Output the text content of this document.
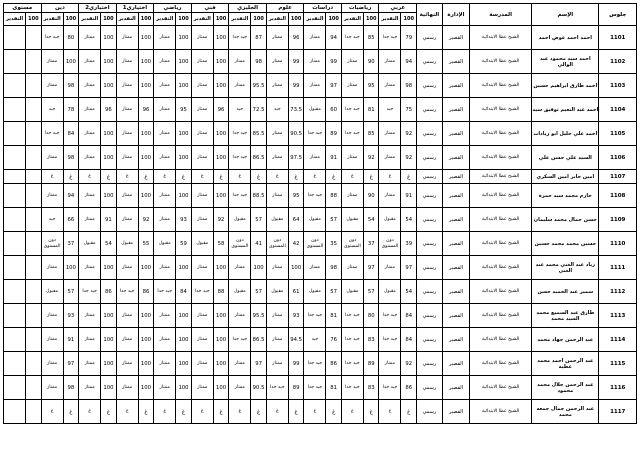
جلوس	الإسم	المدرسة	الإدارة	النهائية	عربي		رياضيات		دراسات		علوم		الجليزي		فني		رياضي		اختياري1		اختياري2		دين		مستوى	
					100	التقدير	100	التقدير	100	التقدير	100	التقدير	100	التقدير	100	التقدير	100	التقدير	100	التقدير	100	التقدير	100	التقدير	100	التقدير
1101	احمد احمد عوض احمد	الشيخ عطا الابتدائية	القصير	رسمي	79	جيد جدا	85	جيد جدا	94	ممتاز	96	ممتاز	87	جيد جدا	100	ممتاز	100	ممتاز	100	ممتاز	100	ممتاز	80	جيد جدا		
1102	احمد سيد محمود عبد الوالي	الشيخ عطا الابتدائية	القصير	رسمي	94	ممتاز	90	ممتاز	99	ممتاز	99	ممتاز	98	ممتاز	100	ممتاز	100	ممتاز	100	ممتاز	100	ممتاز	100	ممتاز		
1103	احمد طارق ابراهيم حسين	الشيخ عطا الابتدائية	القصير	رسمي	98	ممتاز	95	ممتاز	97	ممتاز	99	ممتاز	95.5	ممتاز	100	ممتاز	100	ممتاز	100	ممتاز	100	ممتاز	98	ممتاز		
1104	احمد عبد النعيم توفيق سيد	الشيخ عطا الابتدائية	القصير	رسمي	75	جيد	81	جيد جدا	60	مقبول	73.5	جيد	72.5	جيد	96	ممتاز	95	ممتاز	96	ممتاز	96	ممتاز	78	جيد		
1105	احمد علي خليل ابو زيادات	الشيخ عطا الابتدائية	القصير	رسمي	92	ممتاز	85	جيد جدا	89	جيد جدا	90.5	ممتاز	85.5	جيد جدا	100	ممتاز	100	ممتاز	100	ممتاز	100	ممتاز	84	جيد جدا		
1106	السيد علي حسن علي	الشيخ عطا الابتدائية	القصير	رسمي	92	ممتاز	92	ممتاز	91	ممتاز	97.5	ممتاز	86.5	جيد جدا	100	ممتاز	100	ممتاز	100	ممتاز	100	ممتاز	98	ممتاز		
1107	امين جابر امين السكري	الشيخ عطا الابتدائية	القصير	رسمي	غ	غ	غ	غ	غ	غ	غ	غ	غ	غ	غ	غ	غ	غ	غ	غ	غ	غ	غ	غ		
1108	حازم محمد سيد حمزة	الشيخ عطا الابتدائية	القصير	رسمي	91	ممتاز	90	ممتاز	88	جيد جدا	95	ممتاز	88.5	جيد جدا	100	ممتاز	100	ممتاز	100	ممتاز	100	ممتاز	94	ممتاز		
1109	حسن جمال محمد سليمان	الشيخ عطا الابتدائية	القصير	رسمي	54	مقبول	54	مقبول	57	مقبول	64	مقبول	57	مقبول	92	ممتاز	93	ممتاز	92	ممتاز	91	ممتاز	66	جيد		
1110	حسين محمد محمد حسين	الشيخ عطا الابتدائية	القصير	رسمي	39	دون المستوى	37	دون المستوى	35	دون المستوى	42	دون المستوى	41	دون المستوى	58	مقبول	59	مقبول	55	مقبول	54	مقبول	37	دون المستوى		
1111	زياد عبد الغني محمد عبد الغني	الشيخ عطا الابتدائية	القصير	رسمي	97	ممتاز	97	ممتاز	98	ممتاز	100	ممتاز	100	ممتاز	100	ممتاز	100	ممتاز	100	ممتاز	100	ممتاز	100	ممتاز		
1112	سمير عبد الحميد حسن	الشيخ عطا الابتدائية	القصير	رسمي	54	مقبول	57	مقبول	57	مقبول	61	مقبول	57	مقبول	88	جيد جدا	84	جيد جدا	86	جيد جدا	86	جيد جدا	57	مقبول		
1113	طارق عبد السميع محمد السيد محمد	الشيخ عطا الابتدائية	القصير	رسمي	84	جيد جدا	80	جيد جدا	81	جيد جدا	93	ممتاز	95.5	ممتاز	100	ممتاز	100	ممتاز	100	ممتاز	100	ممتاز	93	ممتاز		
1114	عبد الرحمن جهاد محمد	الشيخ عطا الابتدائية	القصير	رسمي	84	جيد جدا	83	جيد جدا	76	جيد	94.5	ممتاز	86.5	جيد جدا	100	ممتاز	100	ممتاز	100	ممتاز	100	ممتاز	91	ممتاز		
1115	عبد الرحمن احمد محمد عطية	الشيخ عطا الابتدائية	القصير	رسمي	92	ممتاز	89	جيد جدا	86	جيد جدا	99	ممتاز	97	ممتاز	100	ممتاز	100	ممتاز	100	ممتاز	100	ممتاز	97	ممتاز		
1116	عبد الرحمن جلال محمد محمود	الشيخ عطا الابتدائية	القصير	رسمي	86	جيد جدا	83	جيد جدا	81	جيد جدا	89	جيد جدا	90.5	ممتاز	100	ممتاز	100	ممتاز	100	ممتاز	100	ممتاز	98	ممتاز		
1117	عبد الرحمن جمال جمعه محمد	الشيخ عطا الابتدائية	القصير	رسمي	غ	غ	غ	غ	غ	غ	غ	غ	غ	غ	غ	غ	غ	غ	غ	غ	غ	غ	غ	غ		
